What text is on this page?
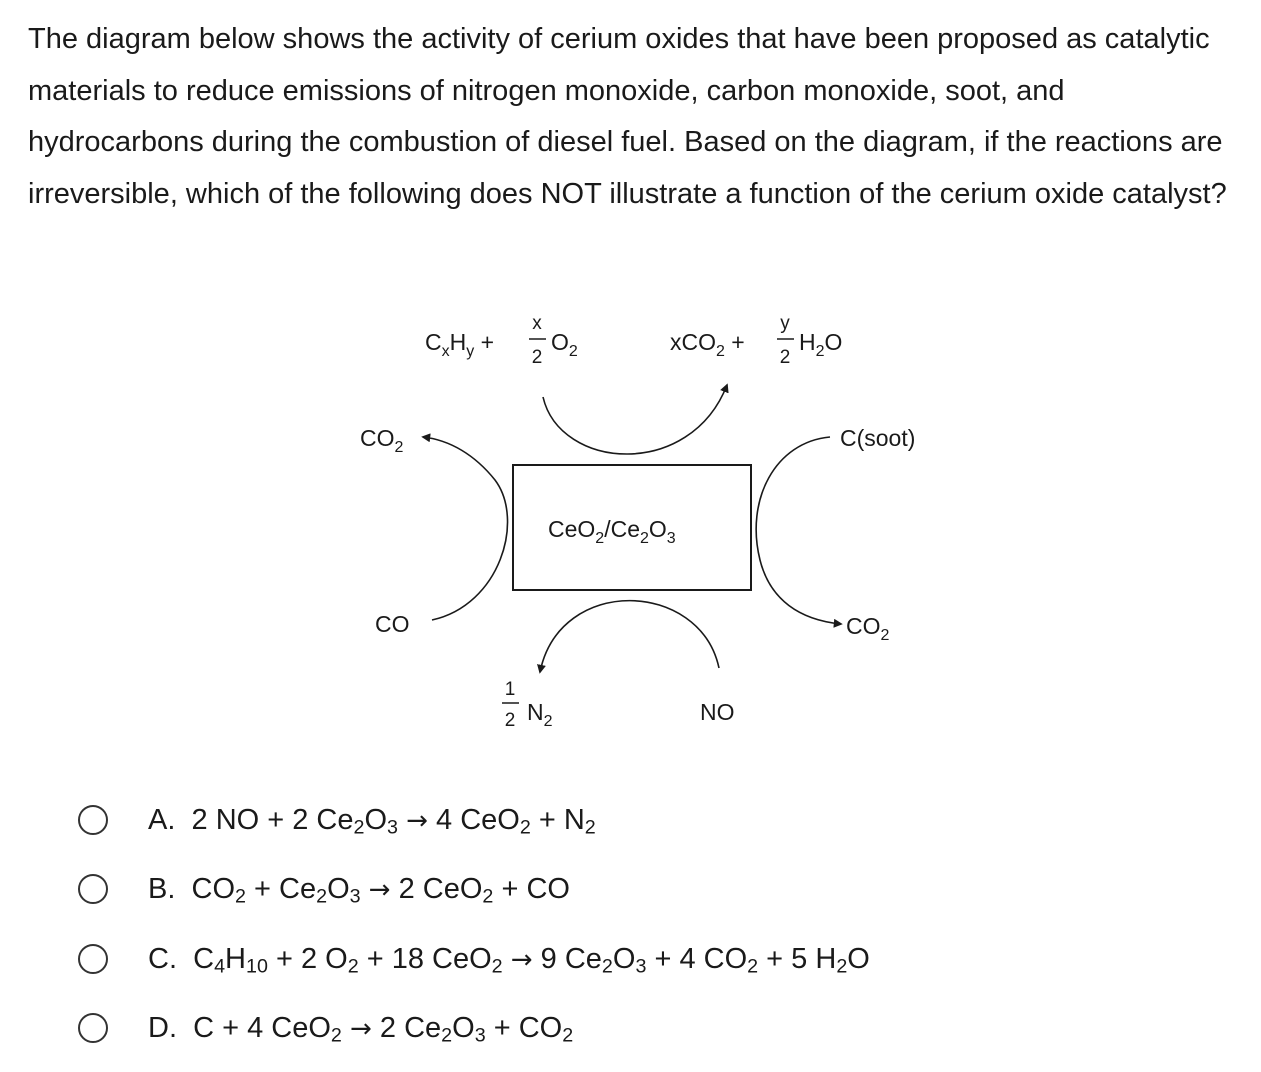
The diagram below shows the activity of cerium oxides that have been proposed as catalytic materials to reduce emissions of nitrogen monoxide, carbon monoxide, soot, and hydrocarbons during the combustion of diesel fuel. Based on the diagram, if the reactions are irreversible, which of the following does NOT illustrate a function of the cerium oxide catalyst?

$CeO_2/Ce_2O_3$
$C_xH_y$ +
x
2
$O_2$	xCO$_2$ +
y
2
$H_2O$
$CO_2$
CO
C(soot)
$CO_2$
1
2 $N_2$	NO
A.  2 NO + 2 $Ce_2O_3 \to 4$ $CeO_2 + N_2$
B.  $CO_2 + Ce_2O_3 \to 2$ CeO$_2$ + CO
C.  $C_4H_{10} + 2$ $O_2 + 18$ CeO$_2$ → 9 $Ce_2O_3 + 4$ $CO_2 + 5$ $H_2O$
D.  C + 4 CeO$_2$ → 2 $Ce_2O_3 + CO_2$
